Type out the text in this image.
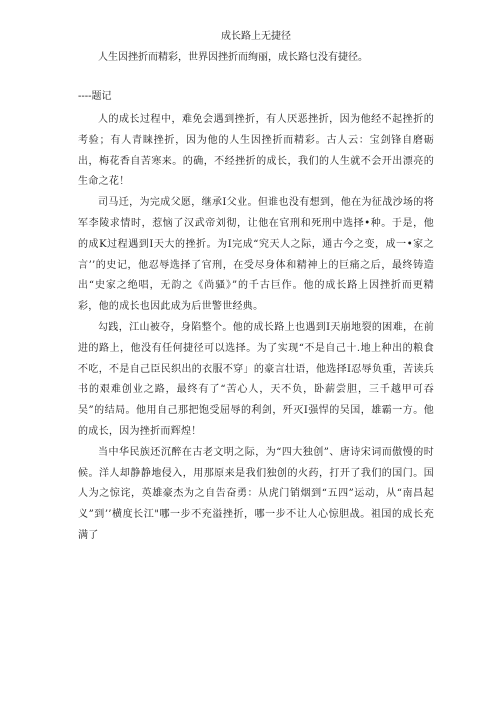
成长路上无捷径
人生因挫折而精彩，世界因挫折而绚丽，成长路乜没有捷径。
----题记

人的成长过程中，难免会遇到挫折，有人厌恶挫折，因为他经不起挫折的考验；有人青睐挫折，因为他的人生因挫折而精彩。古人云：宝剑锋自磨砺出，梅花香自苦寒来。的确，不经挫折的成长，我们的人生就不会开出漂亮的生命之花！

司马迁，为完成父愿，继承Ι父业。但谁也没有想到，他在为征战沙场的将军李陵求情时，惹恼了汉武帝刘彻，让他在官刑和死刑中选择•种。于是，他的成K过程遇到Ι天大的挫折。为Ι完成“究天人之际，通古今之变，成一•家之言’’的史记，他忍辱选择了官刑，在受尽身体和精神上的巨痛之后，最终铸造出“史家之绝唱，无韵之《尚骚》”的千古巨作。他的成长路上因挫折而更精彩，他的成长也因此成为后世警世经典。

勾践，江山被夺，身陷整个。他的成长路上也遇到Ι天崩地裂的困难，在前进的路上，他没有任何捷径可以选择。为了实现“不是自己十.地上种出的粮食不吃，不是自己臣民织出的衣服不穿」的豪言壮语，他选择Ι忍辱负重，苦读兵书的艰难创业之路，最终有了“苦心人，天不负，卧薪尝胆，三千越甲可吞吴”的结局。他用自己那把饱受屈辱的利剑，歼灭Ι强悍的吴国，雄霸一方。他的成长，因为挫折而辉煌！

当中华民族还沉醉在古老文明之际，为“四大独创”、唐诗宋词而傲慢的时候。洋人却静静地侵入，用那原来是我们独创的火药，打开了我们的国门。国人为之惊诧，英雄豪杰为之自告奋勇：从虎门销烟到“五四”运动，从“南昌起义”到’’横度长江"哪一步不充溢挫折，哪一步不让人心惊胆战。祖国的成长充满了
